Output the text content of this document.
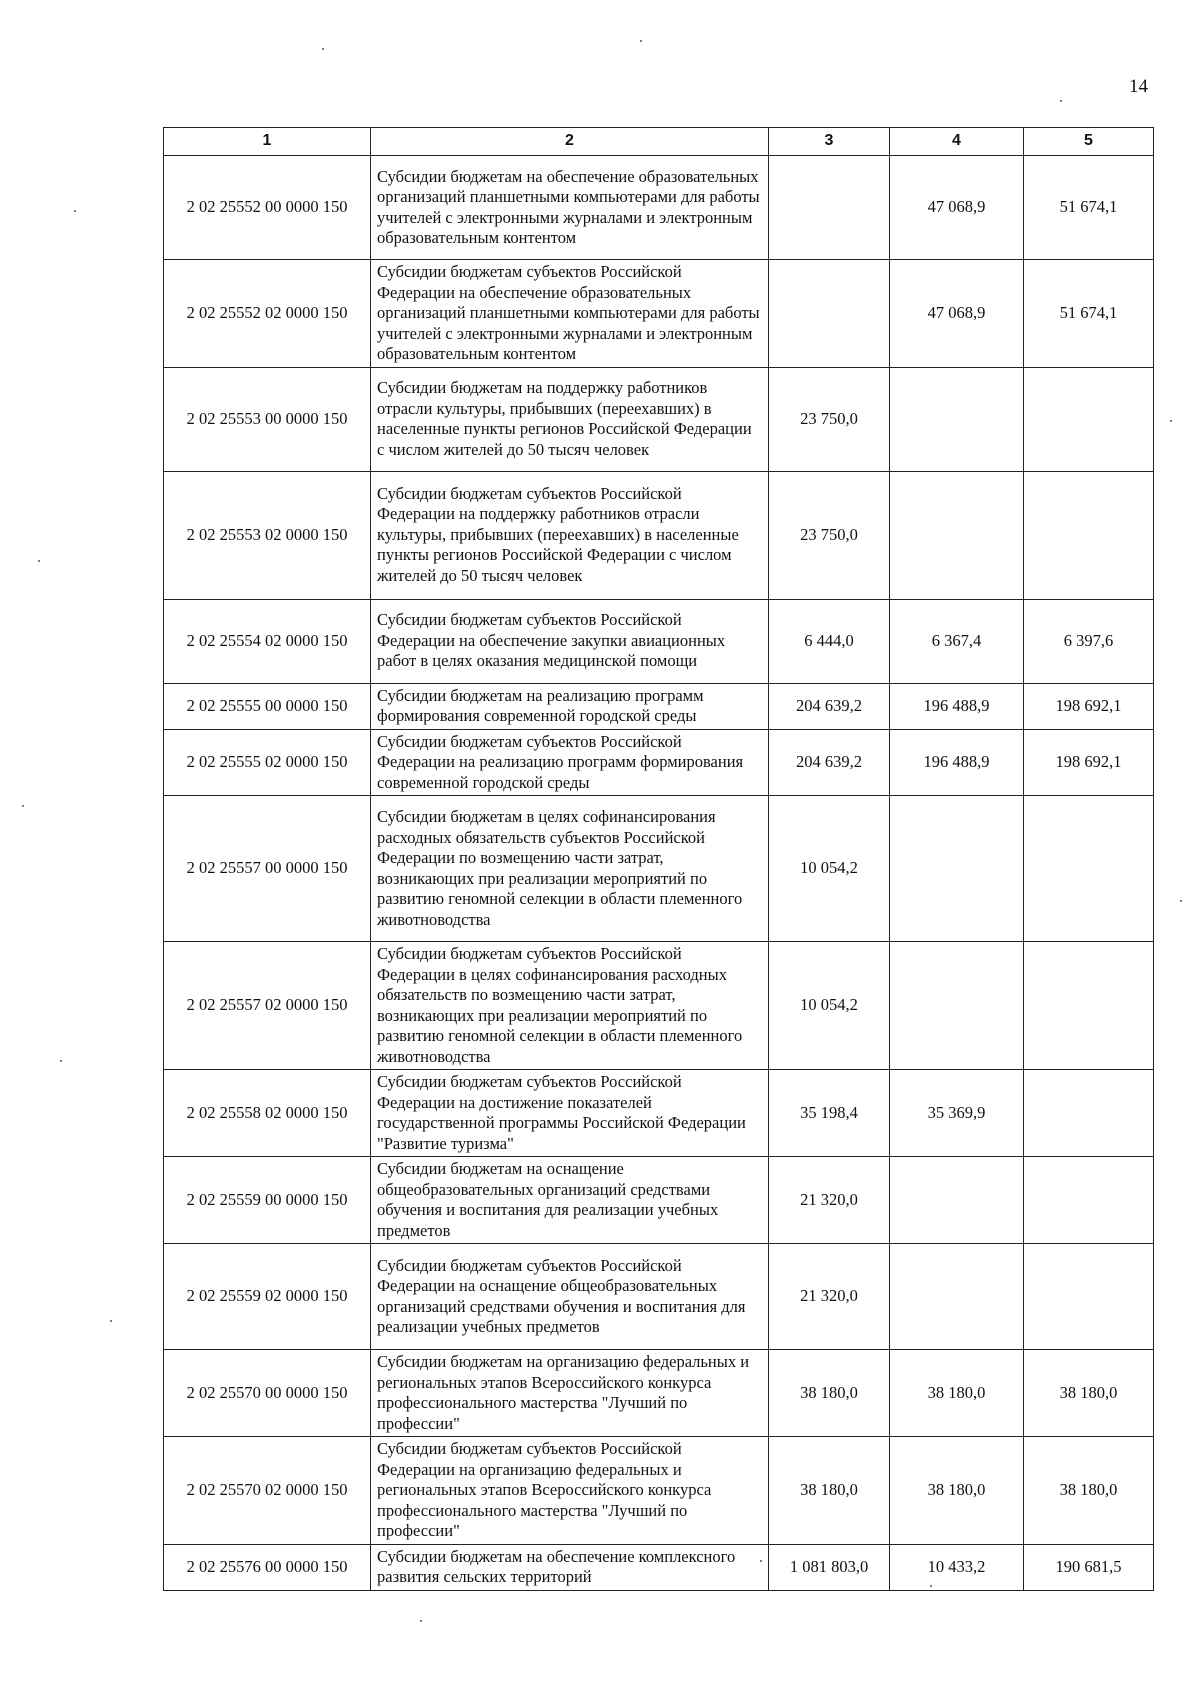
14
1	2	3	4	5
2 02 25552 00 0000 150	Субсидии бюджетам на обеспечение образовательных организаций планшетными компьютерами для работы учителей с электронными журналами и электронным образовательным контентом		47 068,9	51 674,1
2 02 25552 02 0000 150	Субсидии бюджетам субъектов Российской Федерации на обеспечение образовательных организаций планшетными компьютерами для работы учителей с электронными журналами и электронным образовательным контентом		47 068,9	51 674,1
2 02 25553 00 0000 150	Субсидии бюджетам на поддержку работников отрасли культуры, прибывших (переехавших) в населенные пункты регионов Российской Федерации с числом жителей до 50 тысяч человек	23 750,0		
2 02 25553 02 0000 150	Субсидии бюджетам субъектов Российской Федерации на поддержку работников отрасли культуры, прибывших (переехавших) в населенные пункты регионов Российской Федерации с числом жителей до 50 тысяч человек	23 750,0		
2 02 25554 02 0000 150	Субсидии бюджетам субъектов Российской Федерации на обеспечение закупки авиационных работ в целях оказания медицинской помощи	6 444,0	6 367,4	6 397,6
2 02 25555 00 0000 150	Субсидии бюджетам на реализацию программ формирования современной городской среды	204 639,2	196 488,9	198 692,1
2 02 25555 02 0000 150	Субсидии бюджетам субъектов Российской Федерации на реализацию программ формирования современной городской среды	204 639,2	196 488,9	198 692,1
2 02 25557 00 0000 150	Субсидии бюджетам в целях софинансирования расходных обязательств субъектов Российской Федерации по возмещению части затрат, возникающих при реализации мероприятий по развитию геномной селекции в области племенного животноводства	10 054,2		
2 02 25557 02 0000 150	Субсидии бюджетам субъектов Российской Федерации в целях софинансирования расходных обязательств по возмещению части затрат, возникающих при реализации мероприятий по развитию геномной селекции в области племенного животноводства	10 054,2		
2 02 25558 02 0000 150	Субсидии бюджетам субъектов Российской Федерации на достижение показателей государственной программы Российской Федерации "Развитие туризма"	35 198,4	35 369,9	
2 02 25559 00 0000 150	Субсидии бюджетам на оснащение общеобразовательных организаций средствами обучения и воспитания для реализации учебных предметов	21 320,0		
2 02 25559 02 0000 150	Субсидии бюджетам субъектов Российской Федерации на оснащение общеобразовательных организаций средствами обучения и воспитания для реализации учебных предметов	21 320,0		
2 02 25570 00 0000 150	Субсидии бюджетам на организацию федеральных и региональных этапов Всероссийского конкурса профессионального мастерства "Лучший по профессии"	38 180,0	38 180,0	38 180,0
2 02 25570 02 0000 150	Субсидии бюджетам субъектов Российской Федерации на организацию федеральных и региональных этапов Всероссийского конкурса профессионального мастерства "Лучший по профессии"	38 180,0	38 180,0	38 180,0
2 02 25576 00 0000 150	Субсидии бюджетам на обеспечение комплексного развития сельских территорий	1 081 803,0	10 433,2	190 681,5
